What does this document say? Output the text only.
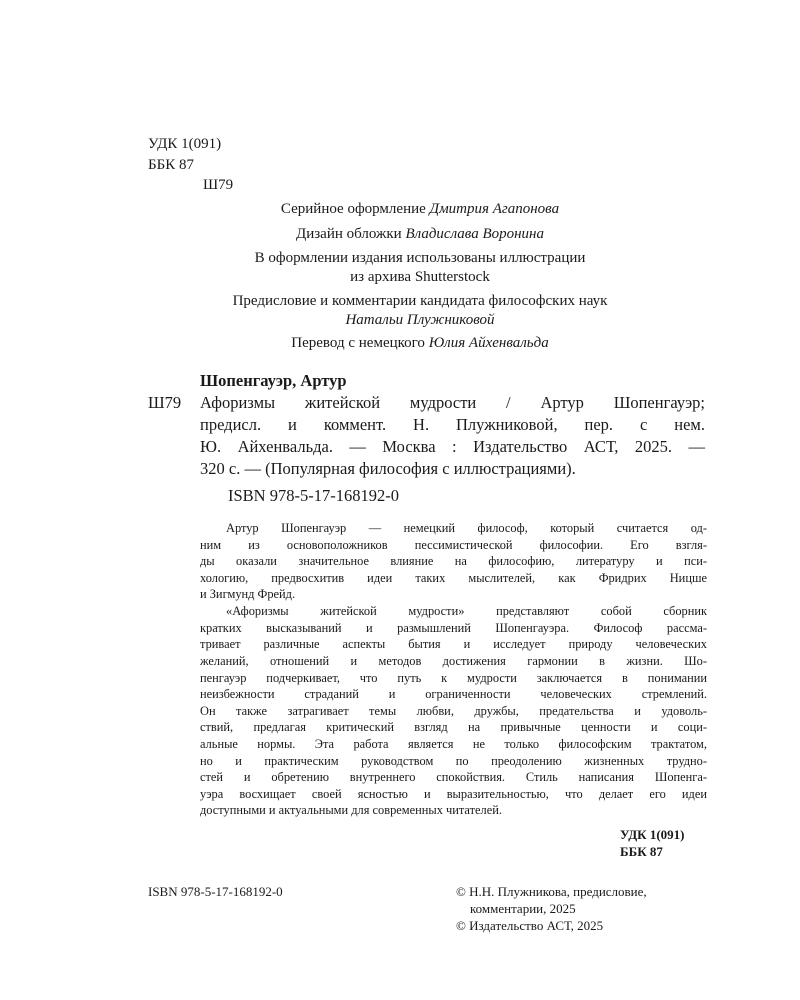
УДК 1(091)
ББК 87
Ш79
Серийное оформление Дмитрия Агапонова
Дизайн обложки Владислава Воронина
В оформлении издания использованы иллюстрации
из архива Shutterstock
Предисловие и комментарии кандидата философских наук
Натальи Плужниковой
Перевод с немецкого Юлия Айхенвальда
Шопенгауэр, Артур
Ш79 Афоризмы житейской мудрости / Артур Шопенгауэр;
предисл. и коммент. Н. Плужниковой, пер. с нем.
Ю. Айхенвальда. — Москва : Издательство АСТ, 2025. —
320 с. — (Популярная философия с иллюстрациями).
ISBN 978-5-17-168192-0
Артур Шопенгауэр — немецкий философ, который считается од-
ним из основоположников пессимистической философии. Его взгля-
ды оказали значительное влияние на философию, литературу и пси-
хологию, предвосхитив идеи таких мыслителей, как Фридрих Ницше
и Зигмунд Фрейд.
«Афоризмы житейской мудрости» представляют собой сборник
кратких высказываний и размышлений Шопенгауэра. Философ рассма-
тривает различные аспекты бытия и исследует природу человеческих
желаний, отношений и методов достижения гармонии в жизни. Шо-
пенгауэр подчеркивает, что путь к мудрости заключается в понимании
неизбежности страданий и ограниченности человеческих стремлений.
Он также затрагивает темы любви, дружбы, предательства и удоволь-
ствий, предлагая критический взгляд на привычные ценности и соци-
альные нормы. Эта работа является не только философским трактатом,
но и практическим руководством по преодолению жизненных трудно-
стей и обретению внутреннего спокойствия. Стиль написания Шопенга-
уэра восхищает своей ясностью и выразительностью, что делает его идеи
доступными и актуальными для современных читателей.
УДК 1(091)
ББК 87
ISBN 978-5-17-168192-0	© Н.Н. Плужникова, предисловие,
комментарии, 2025
© Издательство АСТ, 2025
